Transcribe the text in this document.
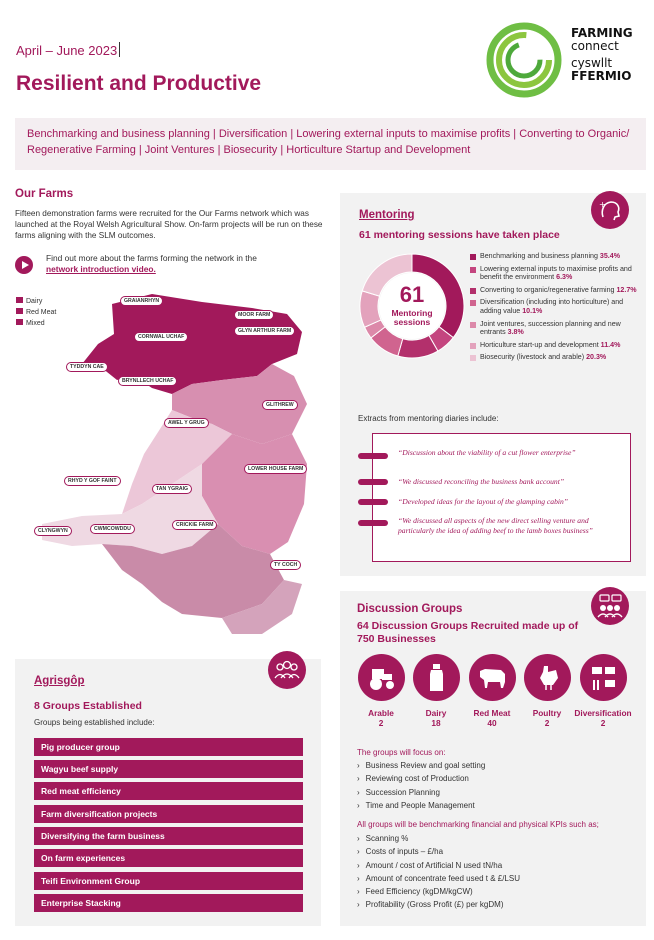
April – June 2023
Resilient and Productive
FARMING
connect
cyswllt
FFERMIO
Benchmarking and business planning | Diversification | Lowering external inputs to maximise profits | Converting to Organic/ Regenerative Farming | Joint Ventures | Biosecurity | Horticulture Startup and Development
Our Farms
Fifteen demonstration farms were recruited for the Our Farms network which was launched at the Royal Welsh Agricultural Show. On-farm projects will be run on these farms aligning with the SLM outcomes.
Find out more about the farms forming the network in the
network introduction video.
Dairy
Red Meat
Mixed
GRAIANRHYN
MOOR FARM
CORNWAL UCHAF
GLYN ARTHUR FARM
TYDDYN CAE
BRYNLLECH UCHAF
GLITHREW
AWEL Y GRUG
LOWER HOUSE FARM
RHYD Y GOF FAINT
TAN YGRAIG
CLYNGWYN	CWMCOWDDU
CRICKIE FARM
TY COCH
+
Mentoring
61 mentoring sessions have taken place
61
Mentoring
sessions
Benchmarking and business planning 35.4%
Lowering external inputs to maximise profits and benefit the environment 6.3%
Converting to organic/regenerative farming 12.7%
Diversification (including into horticulture) and adding value 10.1%
Joint ventures, succession planning and new entrants 3.8%
Horticulture start-up and development 11.4%
Biosecurity (livestock and arable) 20.3%
Extracts from mentoring diaries include:
“Discussion about the viability of a cut flower enterprise”
“We discussed reconciling the business bank account”
“Developed ideas for the layout of the glamping cabin”
“We discussed all aspects of the new direct selling venture and particularly the idea of adding beef to the lamb boxes business”
Discussion Groups
64 Discussion Groups Recruited made up of 750 Businesses
Arable
2
Dairy
18
Red Meat
40
Poultry
2
Diversification
2
The groups will focus on:
› Business Review and goal setting
› Reviewing cost of Production
› Succession Planning
› Time and People Management
All groups will be benchmarking financial and physical KPIs such as;
› Scanning %
› Costs of inputs – £/ha
› Amount / cost of Artificial N used tN/ha
› Amount of concentrate feed used t & £/LSU
› Feed Efficiency (kgDM/kgCW)
› Profitability (Gross Profit (£) per kgDM)
Agrisgôp
8 Groups Established
Groups being established include:
Pig producer group
Wagyu beef supply
Red meat efficiency
Farm diversification projects
Diversifying the farm business
On farm experiences
Teifi Environment Group
Enterprise Stacking
